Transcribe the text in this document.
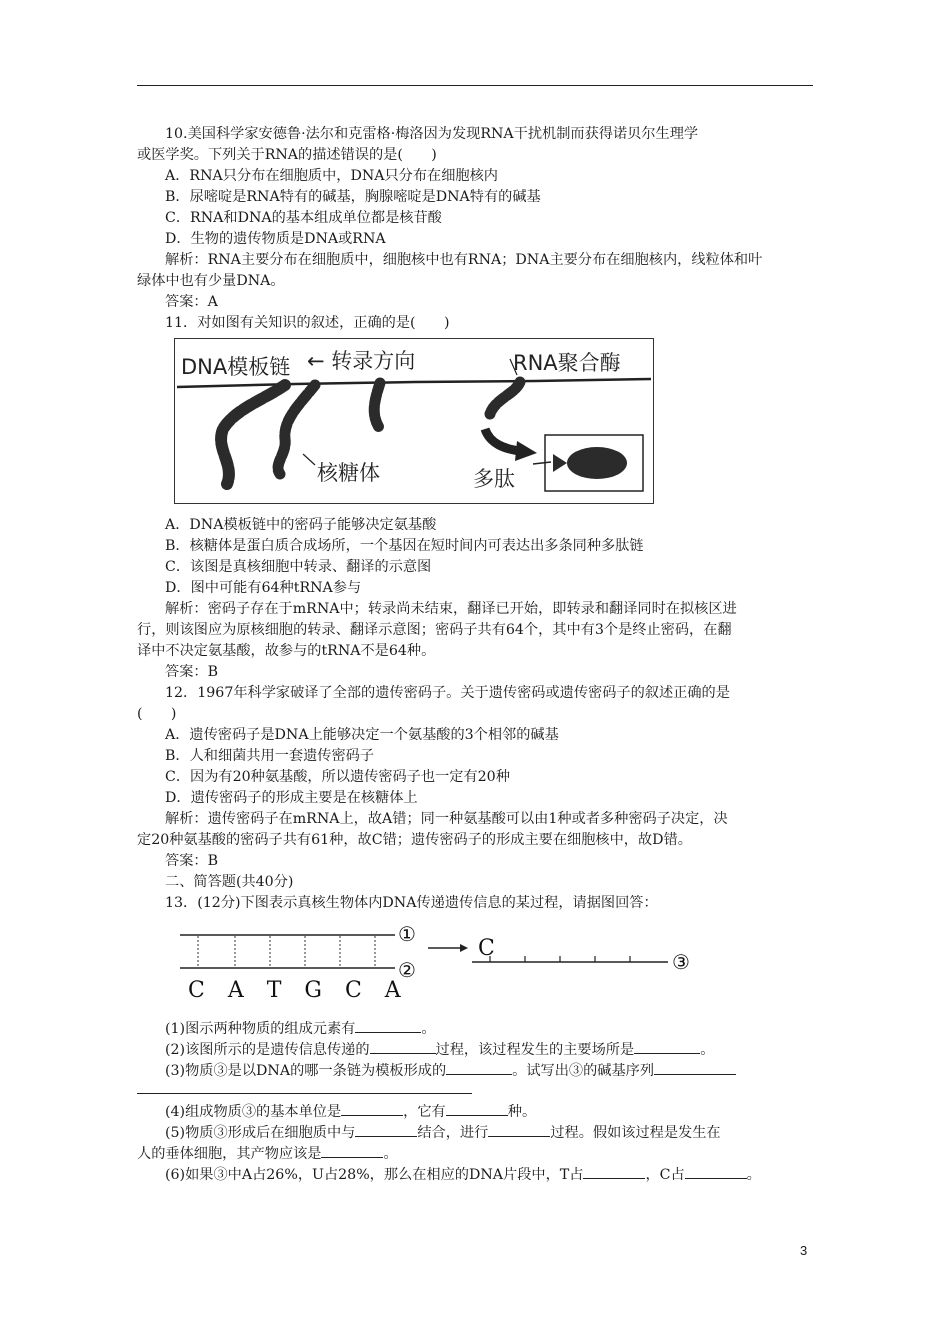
10.美国科学家安德鲁·法尔和克雷格·梅洛因为发现RNA干扰机制而获得诺贝尔生理学
或医学奖。下列关于RNA的描述错误的是(　　)
A．RNA只分布在细胞质中，DNA只分布在细胞核内
B．尿嘧啶是RNA特有的碱基，胸腺嘧啶是DNA特有的碱基
C．RNA和DNA的基本组成单位都是核苷酸
D．生物的遗传物质是DNA或RNA
解析：RNA主要分布在细胞质中，细胞核中也有RNA；DNA主要分布在细胞核内，线粒体和叶
绿体中也有少量DNA。
答案：A
11．对如图有关知识的叙述，正确的是(　　)
DNA模板链 ← 转录方向	RNA聚合酶
核糖体	多肽
A．DNA模板链中的密码子能够决定氨基酸
B．核糖体是蛋白质合成场所，一个基因在短时间内可表达出多条同种多肽链
C．该图是真核细胞中转录、翻译的示意图
D．图中可能有64种tRNA参与
解析：密码子存在于mRNA中；转录尚未结束，翻译已开始，即转录和翻译同时在拟核区进
行，则该图应为原核细胞的转录、翻译示意图；密码子共有64个，其中有3个是终止密码，在翻
译中不决定氨基酸，故参与的tRNA不是64种。
答案：B
12．1967年科学家破译了全部的遗传密码子。关于遗传密码或遗传密码子的叙述正确的是
(　　)
A．遗传密码子是DNA上能够决定一个氨基酸的3个相邻的碱基
B．人和细菌共用一套遗传密码子
C．因为有20种氨基酸，所以遗传密码子也一定有20种
D．遗传密码子的形成主要是在核糖体上
解析：遗传密码子在mRNA上，故A错；同一种氨基酸可以由1种或者多种密码子决定，决
定20种氨基酸的密码子共有61种，故C错；遗传密码子的形成主要在细胞核中，故D错。
答案：B
二、简答题(共40分)
13．(12分)下图表示真核生物体内DNA传递遗传信息的某过程，请据图回答：
①
②	③
C
C A T G C A
(1)图示两种物质的组成元素有	。
(2)该图所示的是遗传信息传递的	过程，该过程发生的主要场所是	。
(3)物质③是以DNA的哪一条链为模板形成的	。试写出③的碱基序列
(4)组成物质③的基本单位是	，它有	种。
(5)物质③形成后在细胞质中与	结合，进行	过程。假如该过程是发生在
人的垂体细胞，其产物应该是	。
(6)如果③中A占26%，U占28%，那么在相应的DNA片段中，T占	，C占	。
3
